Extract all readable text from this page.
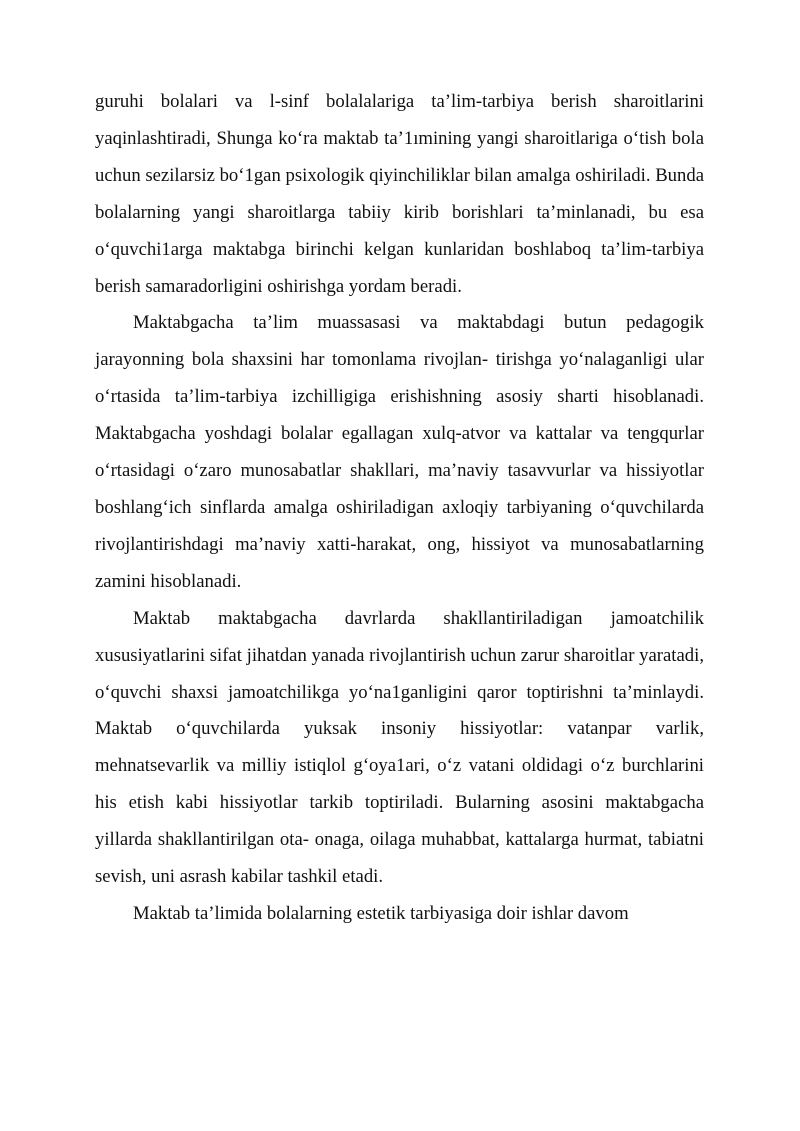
guruhi bolalari va l-sinf bolalalariga ta’lim-tarbiya berish sharoitlarini yaqinlashtiradi, Shunga ko‘ra maktab ta’1ımining yangi sharoitlariga o‘tish bola uchun sezilarsiz bo‘1gan psixologik qiyinchiliklar bilan amalga oshiriladi. Bunda bolalarning yangi sharoitlarga tabiiy kirib borishlari ta’minlanadi, bu esa o‘quvchi1arga maktabga birinchi kelgan kunlaridan boshlaboq ta’lim-tarbiya berish samaradorligini oshirishga yordam beradi.

Maktabgacha ta’lim muassasasi va maktabdagi butun pedagogik jarayonning bola shaxsini har tomonlama rivojlan- tirishga yo‘nalaganligi ular o‘rtasida ta’lim-tarbiya izchilligiga erishishning asosiy sharti hisoblanadi. Maktabgacha yoshdagi bolalar egallagan xulq-atvor va kattalar va tengqurlar o‘rtasidagi o‘zaro munosabatlar shakllari, ma’naviy tasavvurlar va hissiyotlar boshlang‘ich sinflarda amalga oshiriladigan axloqiy tarbiyaning o‘quvchilarda rivojlantirishdagi ma’naviy xatti-harakat, ong, hissiyot va munosabatlarning zamini hisoblanadi.

Maktab maktabgacha davrlarda shakllantiriladigan jamoatchilik xususiyatlarini sifat jihatdan yanada rivojlantirish uchun zarur sharoitlar yaratadi, o‘quvchi shaxsi jamoatchilikga yo‘na1ganligini qaror toptirishni ta’minlaydi. Maktab o‘quvchilarda yuksak insoniy hissiyotlar: vatanpar varlik, mehnatsevarlik va milliy istiqlol g‘oya1ari, o‘z vatani oldidagi o‘z burchlarini his etish kabi hissiyotlar tarkib toptiriladi. Bularning asosini maktabgacha yillarda shakllantirilgan ota- onaga, oilaga muhabbat, kattalarga hurmat, tabiatni sevish, uni asrash kabilar tashkil etadi.

Maktab ta’limida bolalarning estetik tarbiyasiga doir ishlar davom
